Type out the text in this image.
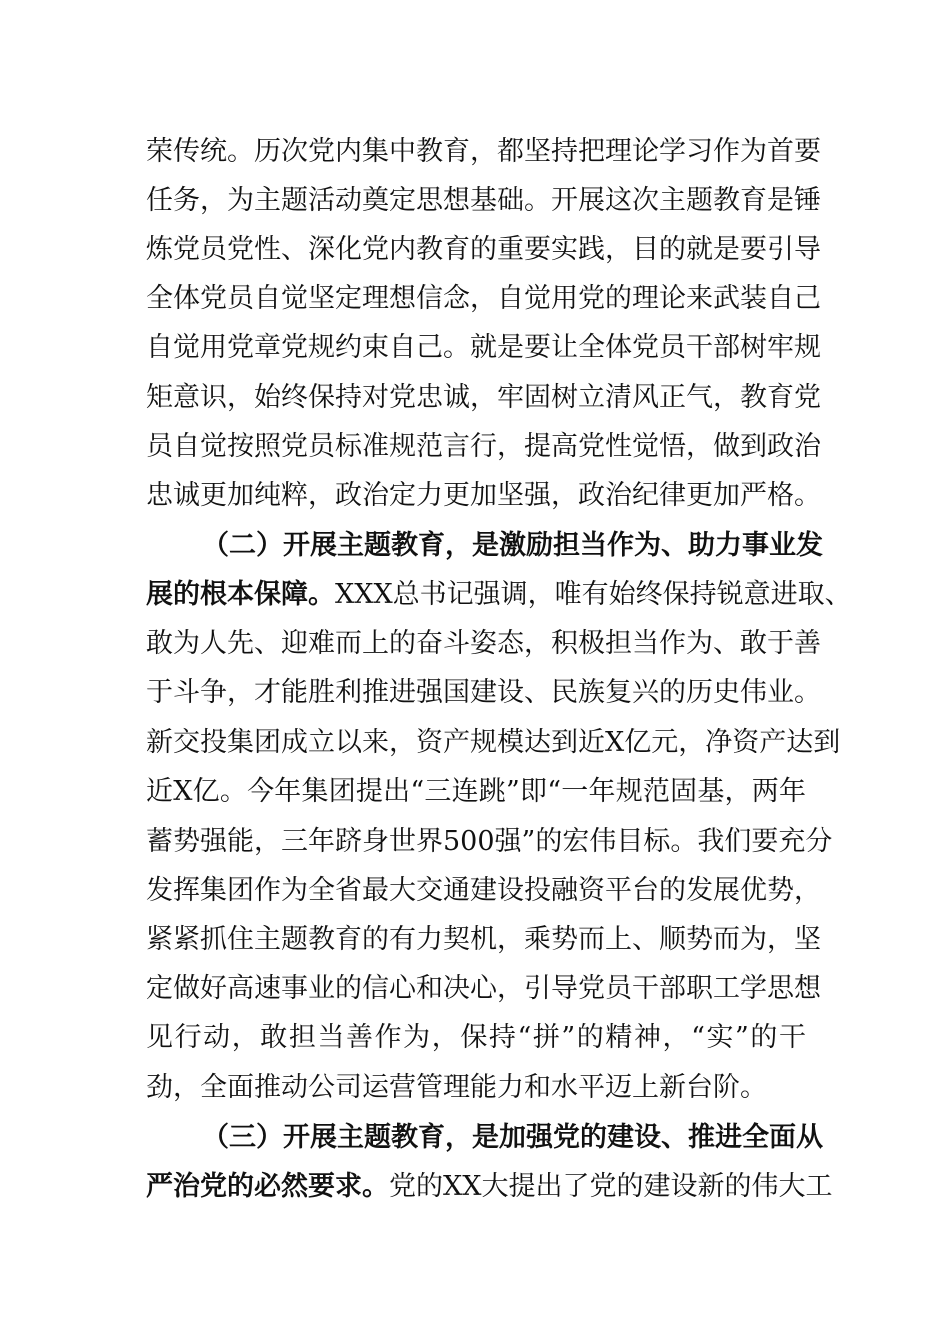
荣传统。历次党内集中教育，都坚持把理论学习作为首要
任务，为主题活动奠定思想基础。开展这次主题教育是锤
炼党员党性、深化党内教育的重要实践，目的就是要引导
全体党员自觉坚定理想信念，自觉用党的理论来武装自己
自觉用党章党规约束自己。就是要让全体党员干部树牢规
矩意识，始终保持对党忠诚，牢固树立清风正气，教育党
员自觉按照党员标准规范言行，提高党性觉悟，做到政治
忠诚更加纯粹，政治定力更加坚强，政治纪律更加严格。
（二）开展主题教育，是激励担当作为、助力事业发
展的根本保障。XXX总书记强调，唯有始终保持锐意进取、
敢为人先、迎难而上的奋斗姿态，积极担当作为、敢于善
于斗争，才能胜利推进强国建设、民族复兴的历史伟业。
新交投集团成立以来，资产规模达到近X亿元，净资产达到
近X亿。今年集团提出“三连跳”即“一年规范固基，两年
蓄势强能，三年跻身世界500强”的宏伟目标。我们要充分
发挥集团作为全省最大交通建设投融资平台的发展优势，
紧紧抓住主题教育的有力契机，乘势而上、顺势而为，坚
定做好高速事业的信心和决心，引导党员干部职工学思想
见行动，敢担当善作为，保持“拼”的精神，“实”的干
劲，全面推动公司运营管理能力和水平迈上新台阶。
（三）开展主题教育，是加强党的建设、推进全面从
严治党的必然要求。党的XX大提出了党的建设新的伟大工
